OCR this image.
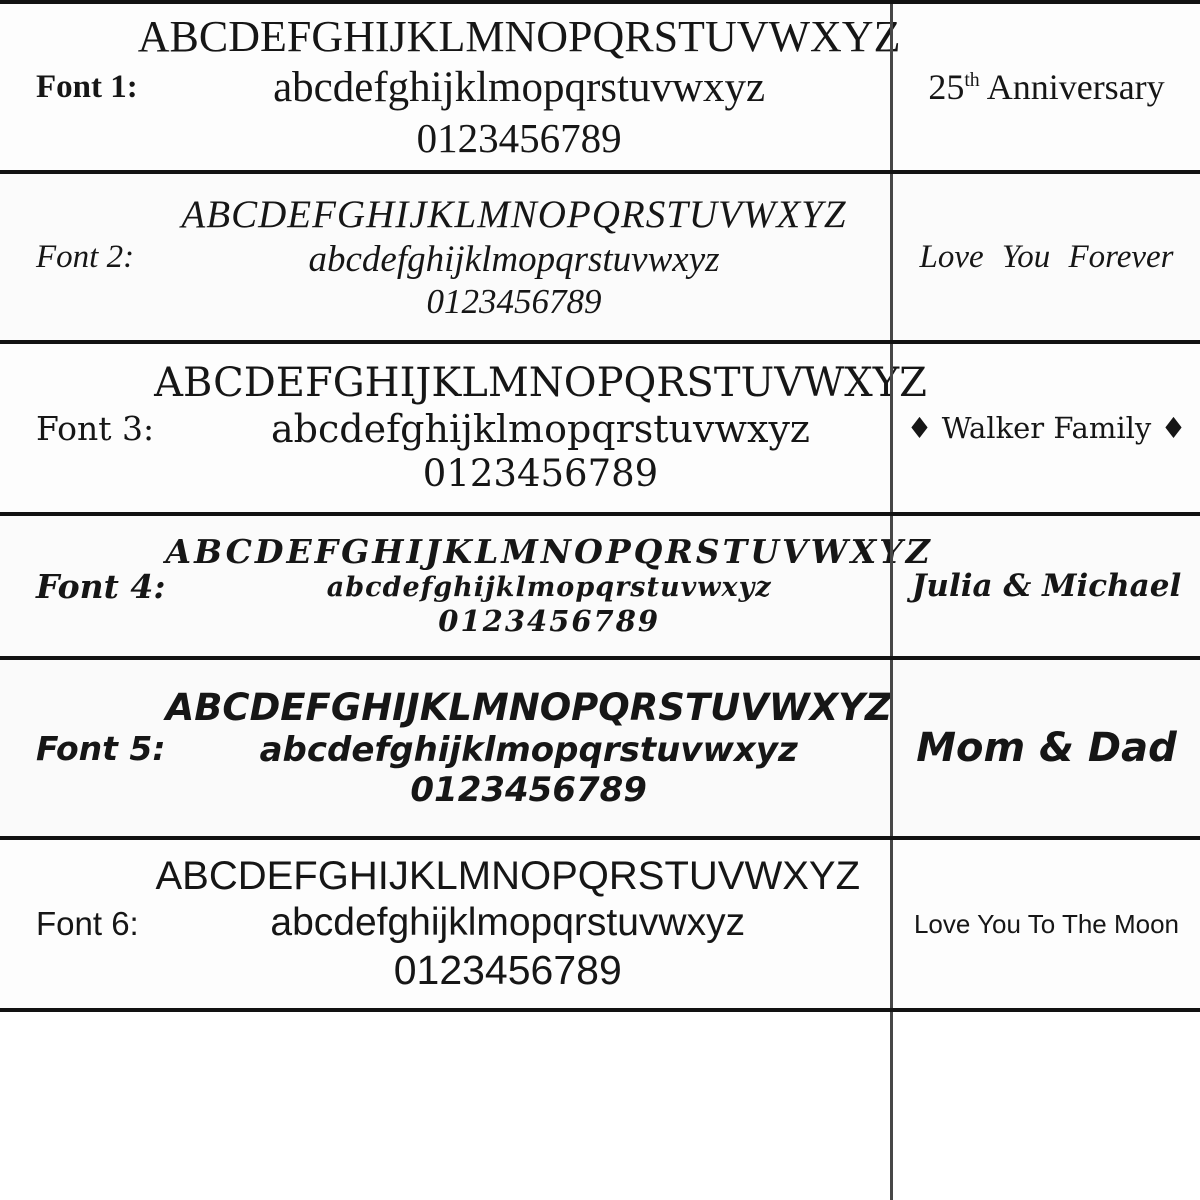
Font 1:
ABCDEFGHIJKLMNOPQRSTUVWXYZ
abcdefghijklmopqrstuvwxyz
0123456789
25th Anniversary
Font 2:
ABCDEFGHIJKLMNOPQRSTUVWXYZ
abcdefghijklmopqrstuvwxyz
0123456789
Love You Forever
Font 3:
ABCDEFGHIJKLMNOPQRSTUVWXYZ
abcdefghijklmopqrstuvwxyz
0123456789
♦ Walker Family ♦
Font 4:
ABCDEFGHIJKLMNOPQRSTUVWXYZ
abcdefghijklmopqrstuvwxyz
0123456789
Julia & Michael
Font 5:
ABCDEFGHIJKLMNOPQRSTUVWXYZ
abcdefghijklmopqrstuvwxyz
0123456789
Mom & Dad
Font 6:
ABCDEFGHIJKLMNOPQRSTUVWXYZ
abcdefghijklmopqrstuvwxyz
0123456789
Love You To The Moon
